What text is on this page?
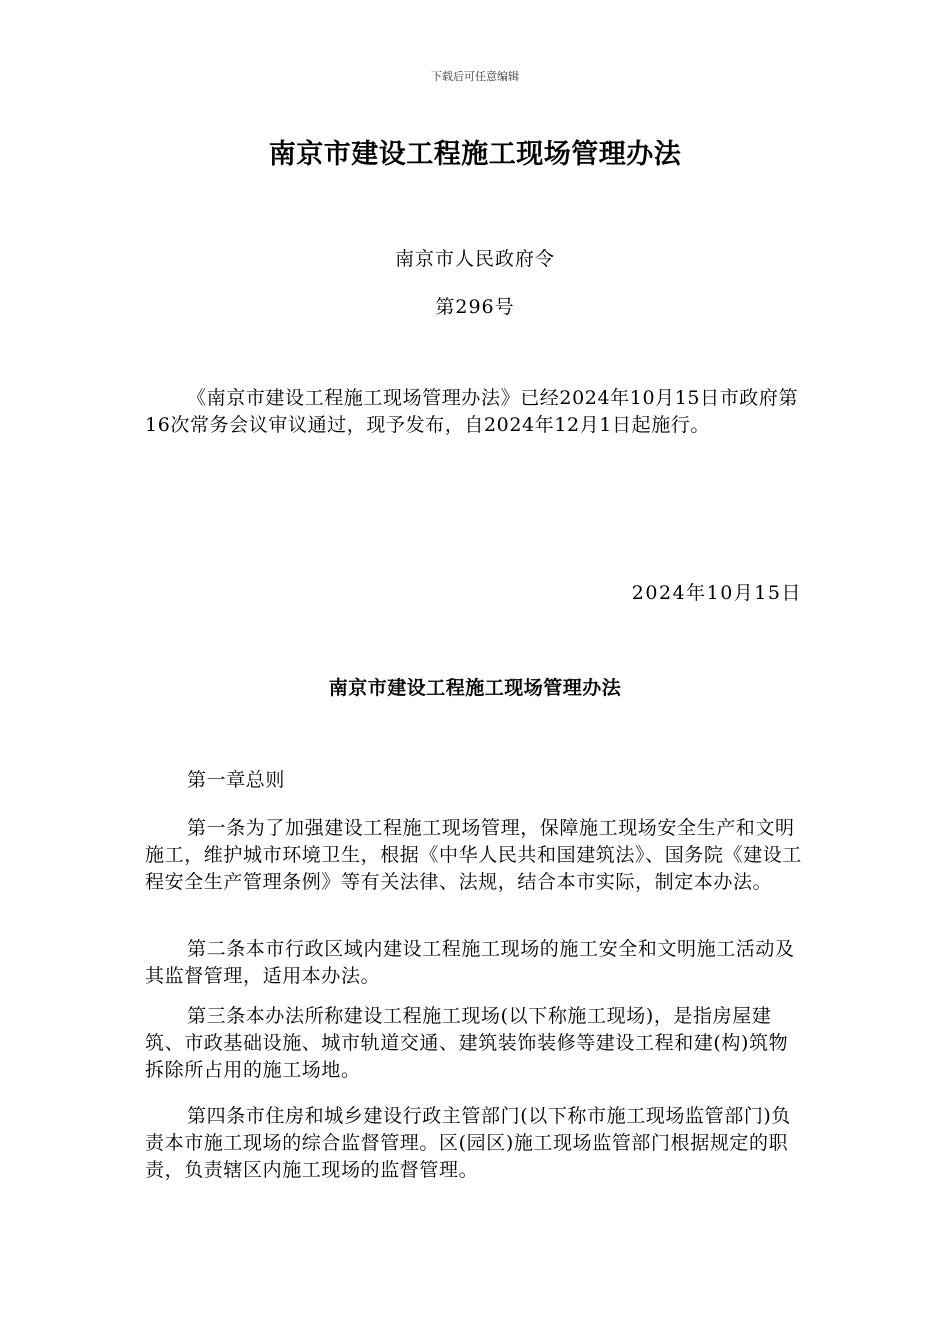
下载后可任意编辑
南京市建设工程施工现场管理办法
南京市人民政府令
第296号

《南京市建设工程施工现场管理办法》已经2024年10月15日市政府第16次常务会议审议通过，现予发布，自2024年12月1日起施行。

2024年10月15日
南京市建设工程施工现场管理办法

第一章总则

第一条为了加强建设工程施工现场管理，保障施工现场安全生产和文明施工，维护城市环境卫生，根据《中华人民共和国建筑法》、国务院《建设工程安全生产管理条例》等有关法律、法规，结合本市实际，制定本办法。

第二条本市行政区域内建设工程施工现场的施工安全和文明施工活动及其监督管理，适用本办法。

第三条本办法所称建设工程施工现场(以下称施工现场)，是指房屋建筑、市政基础设施、城市轨道交通、建筑装饰装修等建设工程和建(构)筑物拆除所占用的施工场地。

第四条市住房和城乡建设行政主管部门(以下称市施工现场监管部门)负责本市施工现场的综合监督管理。区(园区)施工现场监管部门根据规定的职责，负责辖区内施工现场的监督管理。
